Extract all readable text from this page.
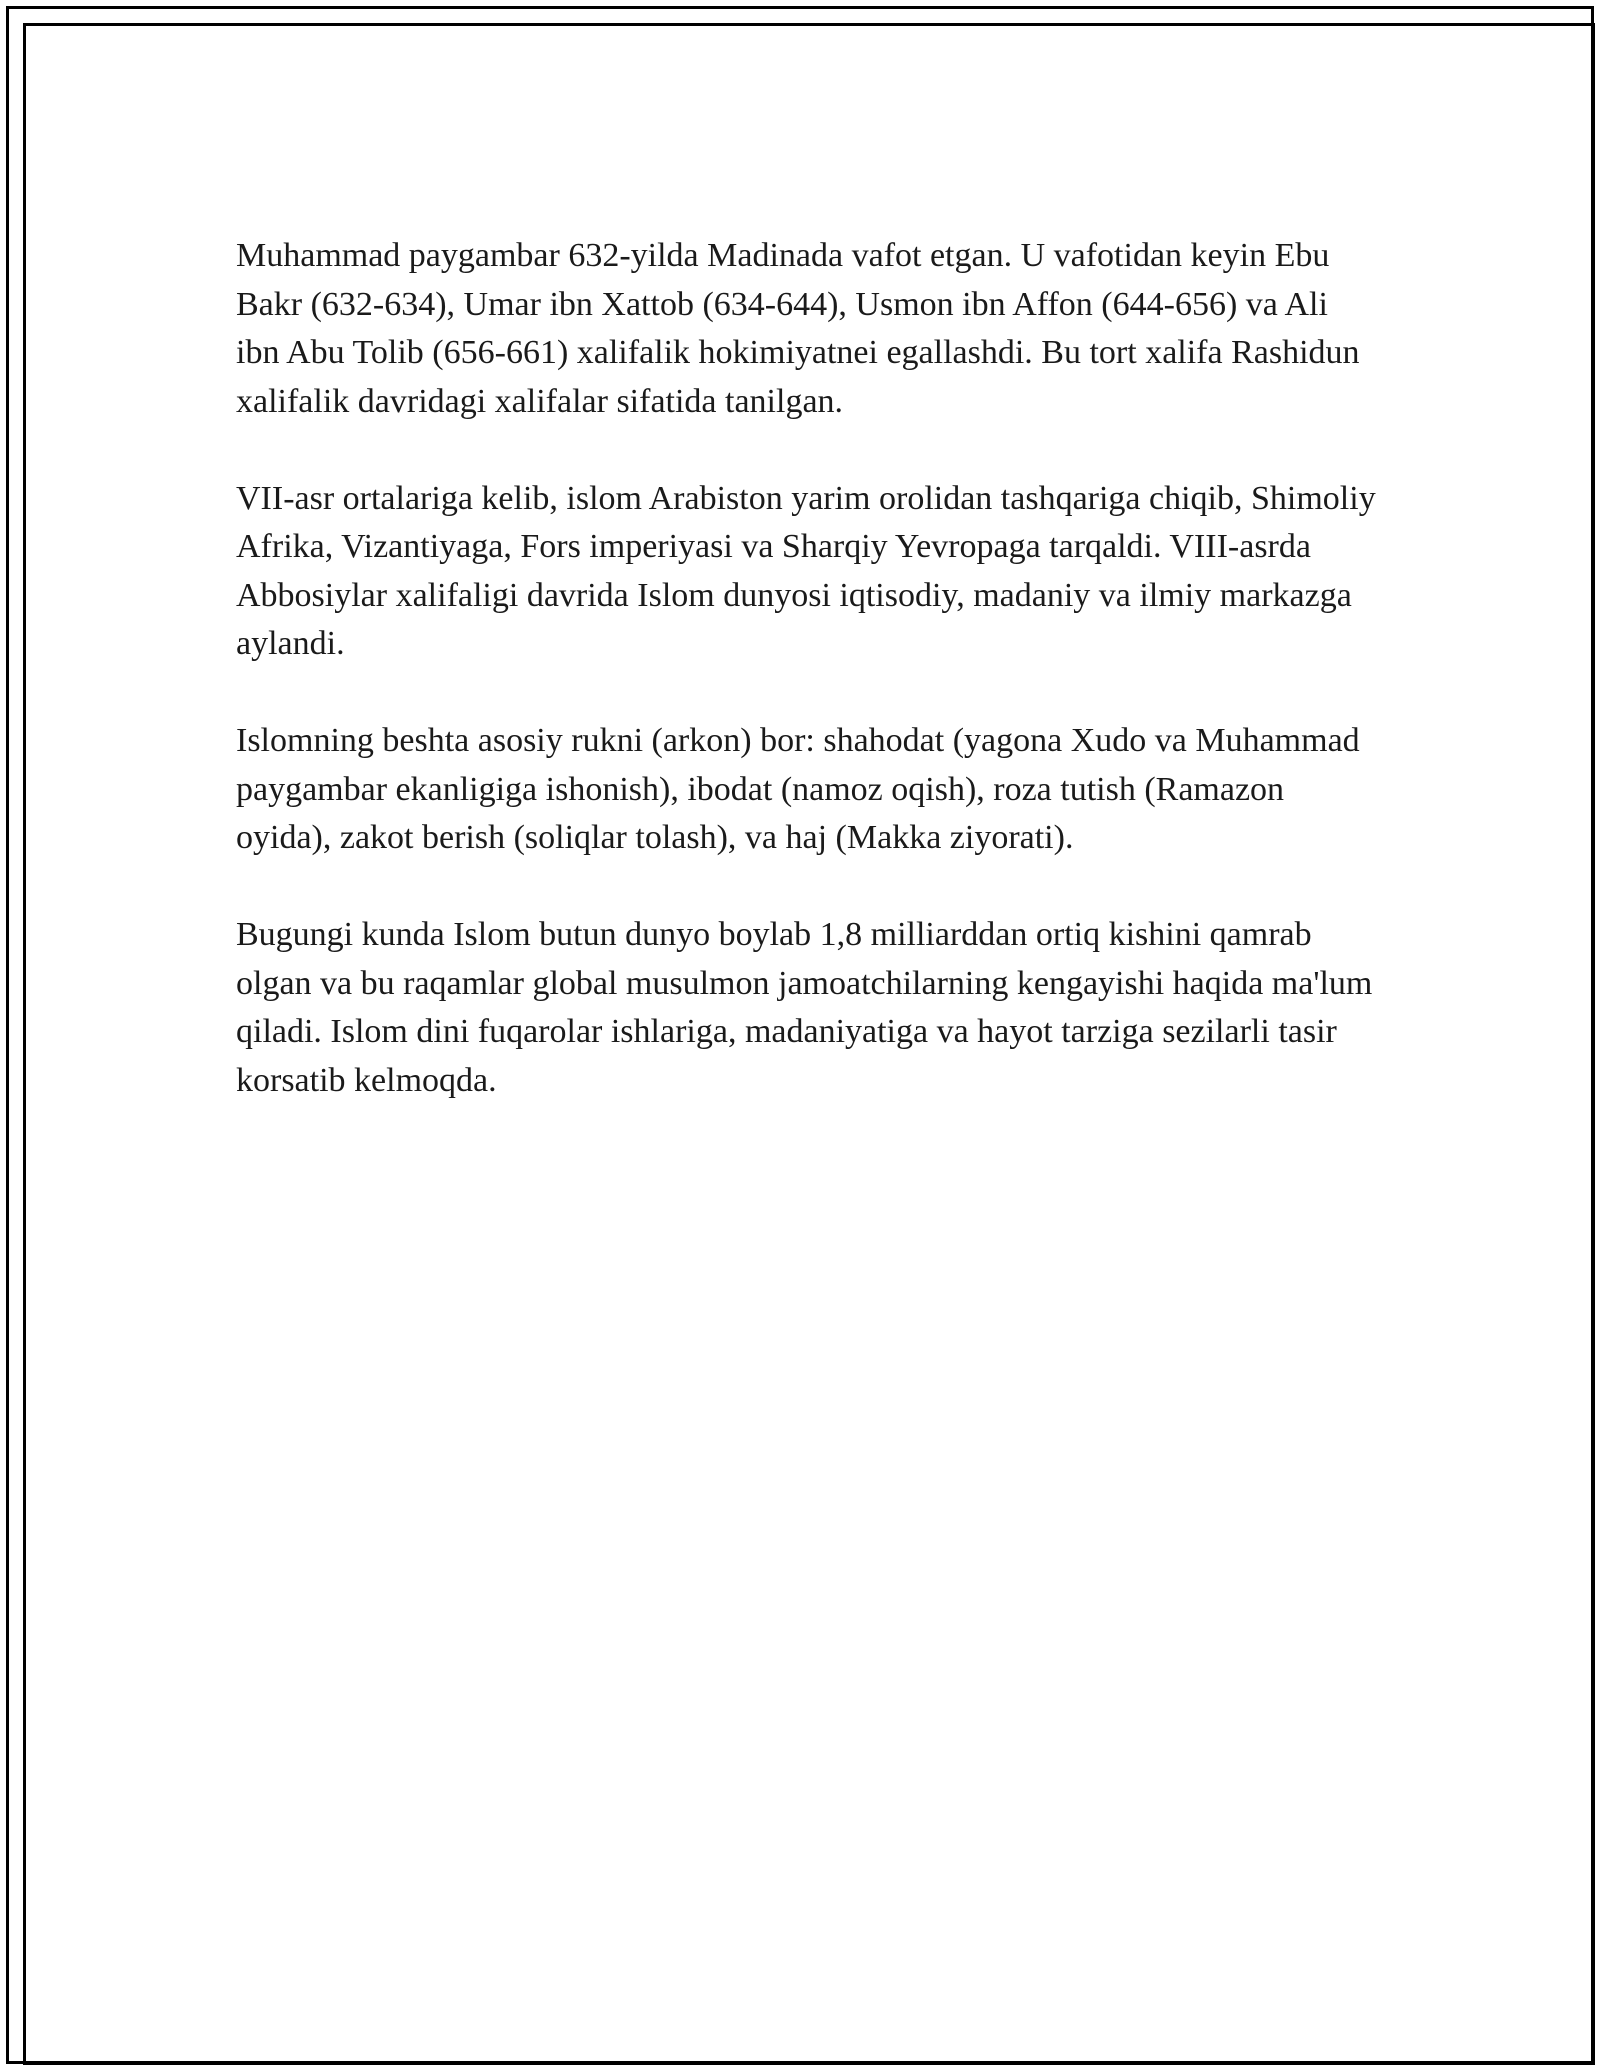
Muhammad paygambar 632-yilda Madinada vafot etgan. U vafotidan keyin Ebu Bakr (632-634), Umar ibn Xattob (634-644), Usmon ibn Affon (644-656) va Ali ibn Abu Tolib (656-661) xalifalik hokimiyatnei egallashdi. Bu tort xalifa Rashidun xalifalik davridagi xalifalar sifatida tanilgan.

VII-asr ortalariga kelib, islom Arabiston yarim orolidan tashqariga chiqib, Shimoliy Afrika, Vizantiyaga, Fors imperiyasi va Sharqiy Yevropaga tarqaldi. VIII-asrda Abbosiylar xalifaligi davrida Islom dunyosi iqtisodiy, madaniy va ilmiy markazga aylandi.

Islomning beshta asosiy rukni (arkon) bor: shahodat (yagona Xudo va Muhammad paygambar ekanligiga ishonish), ibodat (namoz oqish), roza tutish (Ramazon oyida), zakot berish (soliqlar tolash), va haj (Makka ziyorati).

Bugungi kunda Islom butun dunyo boylab 1,8 milliarddan ortiq kishini qamrab olgan va bu raqamlar global musulmon jamoatchilarning kengayishi haqida ma'lum qiladi. Islom dini fuqarolar ishlariga, madaniyatiga va hayot tarziga sezilarli tasir korsatib kelmoqda.
